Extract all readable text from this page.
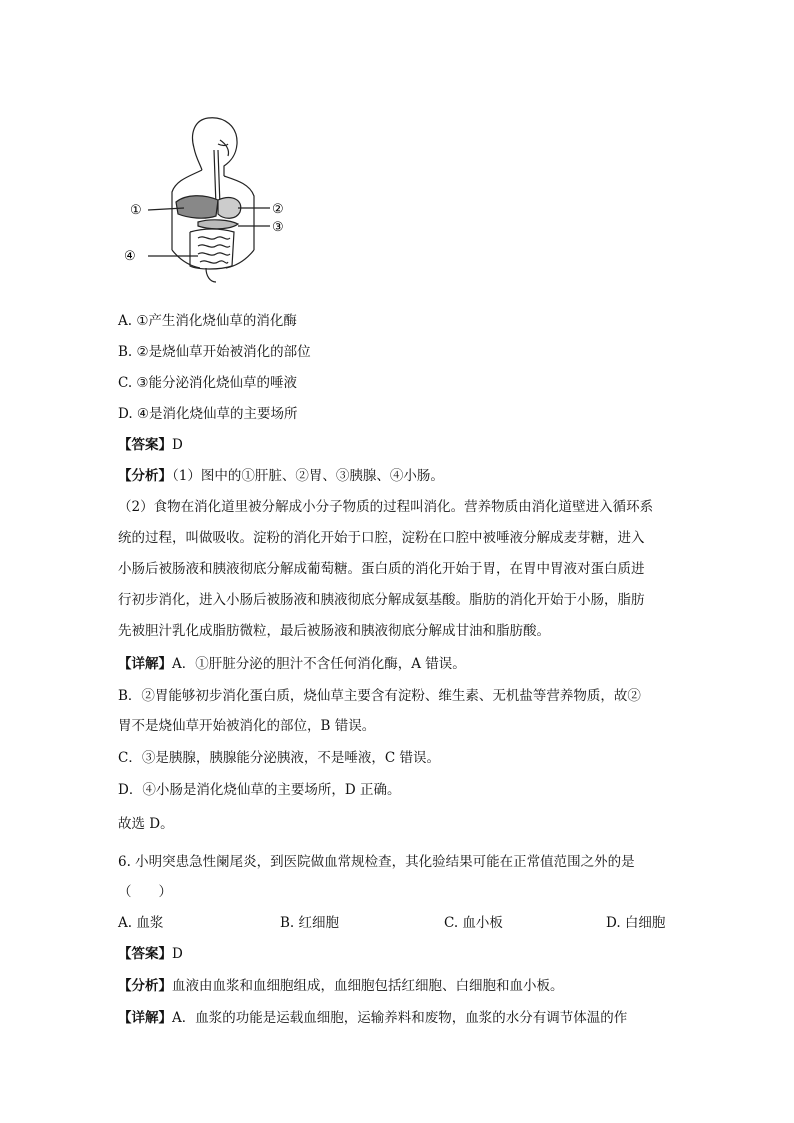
①	②
③
④
A. ①产生消化烧仙草的消化酶
B. ②是烧仙草开始被消化的部位
C. ③能分泌消化烧仙草的唾液
D. ④是消化烧仙草的主要场所
【答案】D
【分析】（1）图中的①肝脏、②胃、③胰腺、④小肠。
（2）食物在消化道里被分解成小分子物质的过程叫消化。营养物质由消化道壁进入循环系
统的过程，叫做吸收。淀粉的消化开始于口腔，淀粉在口腔中被唾液分解成麦芽糖，进入
小肠后被肠液和胰液彻底分解成葡萄糖。蛋白质的消化开始于胃，在胃中胃液对蛋白质进
行初步消化，进入小肠后被肠液和胰液彻底分解成氨基酸。脂肪的消化开始于小肠，脂肪
先被胆汁乳化成脂肪微粒，最后被肠液和胰液彻底分解成甘油和脂肪酸。
【详解】A．①肝脏分泌的胆汁不含任何消化酶，A 错误。
B．②胃能够初步消化蛋白质，烧仙草主要含有淀粉、维生素、无机盐等营养物质，故②
胃不是烧仙草开始被消化的部位，B 错误。
C．③是胰腺，胰腺能分泌胰液，不是唾液，C 错误。
D．④小肠是消化烧仙草的主要场所，D 正确。
故选 D。
6. 小明突患急性阑尾炎，到医院做血常规检查，其化验结果可能在正常值范围之外的是
（　　）
A. 血浆	B. 红细胞	C. 血小板	D. 白细胞
【答案】D
【分析】血液由血浆和血细胞组成，血细胞包括红细胞、白细胞和血小板。
【详解】A．血浆的功能是运载血细胞，运输养料和废物，血浆的水分有调节体温的作
